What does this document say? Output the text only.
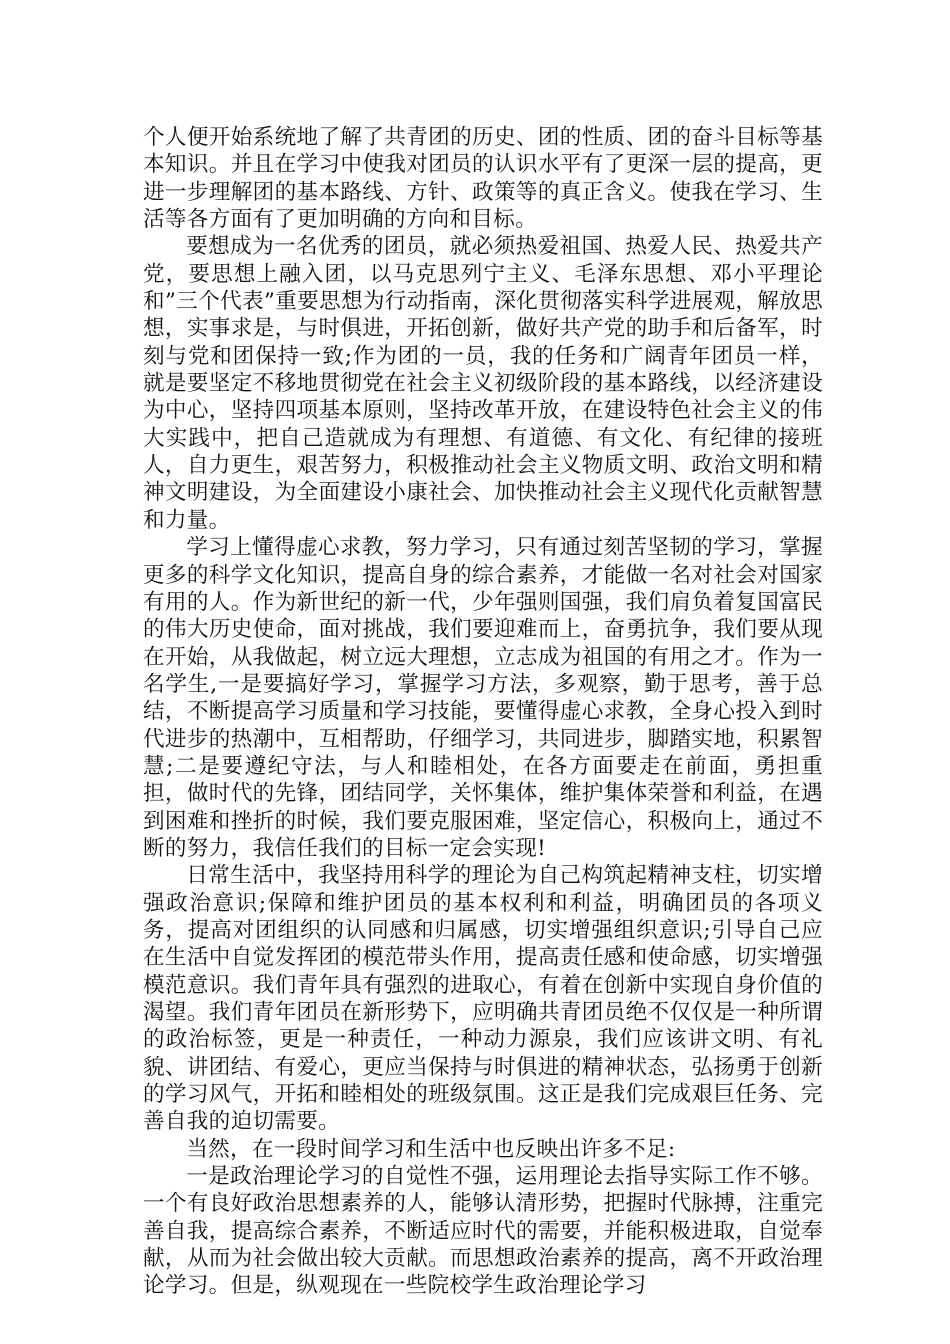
个人便开始系统地了解了共青团的历史、团的性质、团的奋斗目标等基本知识。并且在学习中使我对团员的认识水平有了更深一层的提高，更进一步理解团的基本路线、方针、政策等的真正含义。使我在学习、生活等各方面有了更加明确的方向和目标。

要想成为一名优秀的团员，就必须热爱祖国、热爱人民、热爱共产党，要思想上融入团，以马克思列宁主义、毛泽东思想、邓小平理论和”三个代表”重要思想为行动指南，深化贯彻落实科学进展观，解放思想，实事求是，与时俱进，开拓创新，做好共产党的助手和后备军，时刻与党和团保持一致;作为团的一员，我的任务和广阔青年团员一样，就是要坚定不移地贯彻党在社会主义初级阶段的基本路线，以经济建设为中心，坚持四项基本原则，坚持改革开放，在建设特色社会主义的伟大实践中，把自己造就成为有理想、有道德、有文化、有纪律的接班人，自力更生，艰苦努力，积极推动社会主义物质文明、政治文明和精神文明建设，为全面建设小康社会、加快推动社会主义现代化贡献智慧和力量。

学习上懂得虚心求教，努力学习，只有通过刻苦坚韧的学习，掌握更多的科学文化知识，提高自身的综合素养，才能做一名对社会对国家有用的人。作为新世纪的新一代，少年强则国强，我们肩负着复国富民的伟大历史使命，面对挑战，我们要迎难而上，奋勇抗争，我们要从现在开始，从我做起，树立远大理想，立志成为祖国的有用之才。作为一名学生,一是要搞好学习，掌握学习方法，多观察，勤于思考，善于总结，不断提高学习质量和学习技能，要懂得虚心求教，全身心投入到时代进步的热潮中，互相帮助，仔细学习，共同进步，脚踏实地，积累智慧;二是要遵纪守法，与人和睦相处，在各方面要走在前面，勇担重担，做时代的先锋，团结同学，关怀集体，维护集体荣誉和利益，在遇到困难和挫折的时候，我们要克服困难，坚定信心，积极向上，通过不断的努力，我信任我们的目标一定会实现!

日常生活中，我坚持用科学的理论为自己构筑起精神支柱，切实增强政治意识;保障和维护团员的基本权利和利益，明确团员的各项义务，提高对团组织的认同感和归属感，切实增强组织意识;引导自己应在生活中自觉发挥团的模范带头作用，提高责任感和使命感，切实增强模范意识。我们青年具有强烈的进取心，有着在创新中实现自身价值的渴望。我们青年团员在新形势下，应明确共青团员绝不仅仅是一种所谓的政治标签，更是一种责任，一种动力源泉，我们应该讲文明、有礼貌、讲团结、有爱心，更应当保持与时俱进的精神状态，弘扬勇于创新的学习风气，开拓和睦相处的班级氛围。这正是我们完成艰巨任务、完善自我的迫切需要。

当然，在一段时间学习和生活中也反映出许多不足:

一是政治理论学习的自觉性不强，运用理论去指导实际工作不够。一个有良好政治思想素养的人，能够认清形势，把握时代脉搏，注重完善自我，提高综合素养，不断适应时代的需要，并能积极进取，自觉奉献，从而为社会做出较大贡献。而思想政治素养的提高，离不开政治理论学习。但是，纵观现在一些院校学生政治理论学习
